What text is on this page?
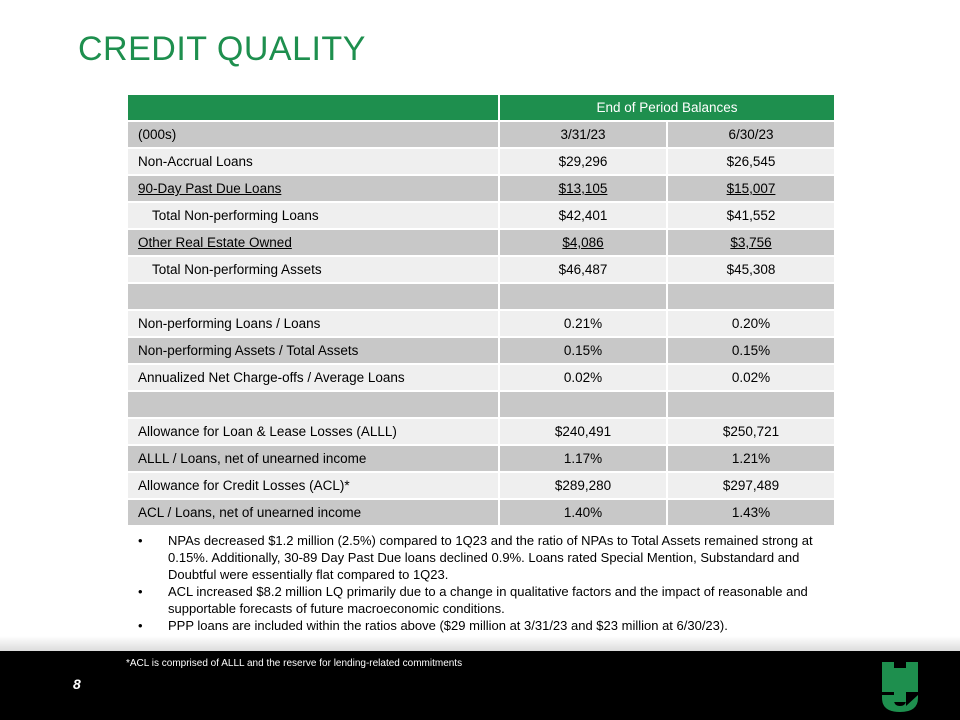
CREDIT QUALITY
	End of Period Balances	
(000s)	3/31/23	6/30/23
Non-Accrual Loans	$29,296	$26,545
90-Day Past Due Loans	$13,105	$15,007
Total Non-performing Loans	$42,401	$41,552
Other Real Estate Owned	$4,086	$3,756
Total Non-performing Assets	$46,487	$45,308

Non-performing Loans / Loans	0.21%	0.20%
Non-performing Assets / Total Assets	0.15%	0.15%
Annualized Net Charge-offs / Average Loans	0.02%	0.02%

Allowance for Loan & Lease Losses (ALLL)	$240,491	$250,721
ALLL / Loans, net of unearned income	1.17%	1.21%
Allowance for Credit Losses (ACL)*	$289,280	$297,489
ACL / Loans, net of unearned income	1.40%	1.43%
• NPAs decreased $1.2 million (2.5%) compared to 1Q23 and the ratio of NPAs to Total Assets remained strong at 0.15%. Additionally, 30-89 Day Past Due loans declined 0.9%. Loans rated Special Mention, Substandard and Doubtful were essentially flat compared to 1Q23.
• ACL increased $8.2 million LQ primarily due to a change in qualitative factors and the impact of reasonable and supportable forecasts of future macroeconomic conditions.
• PPP loans are included within the ratios above ($29 million at 3/31/23 and $23 million at 6/30/23).
*ACL is comprised of ALLL and the reserve for lending-related commitments
8
